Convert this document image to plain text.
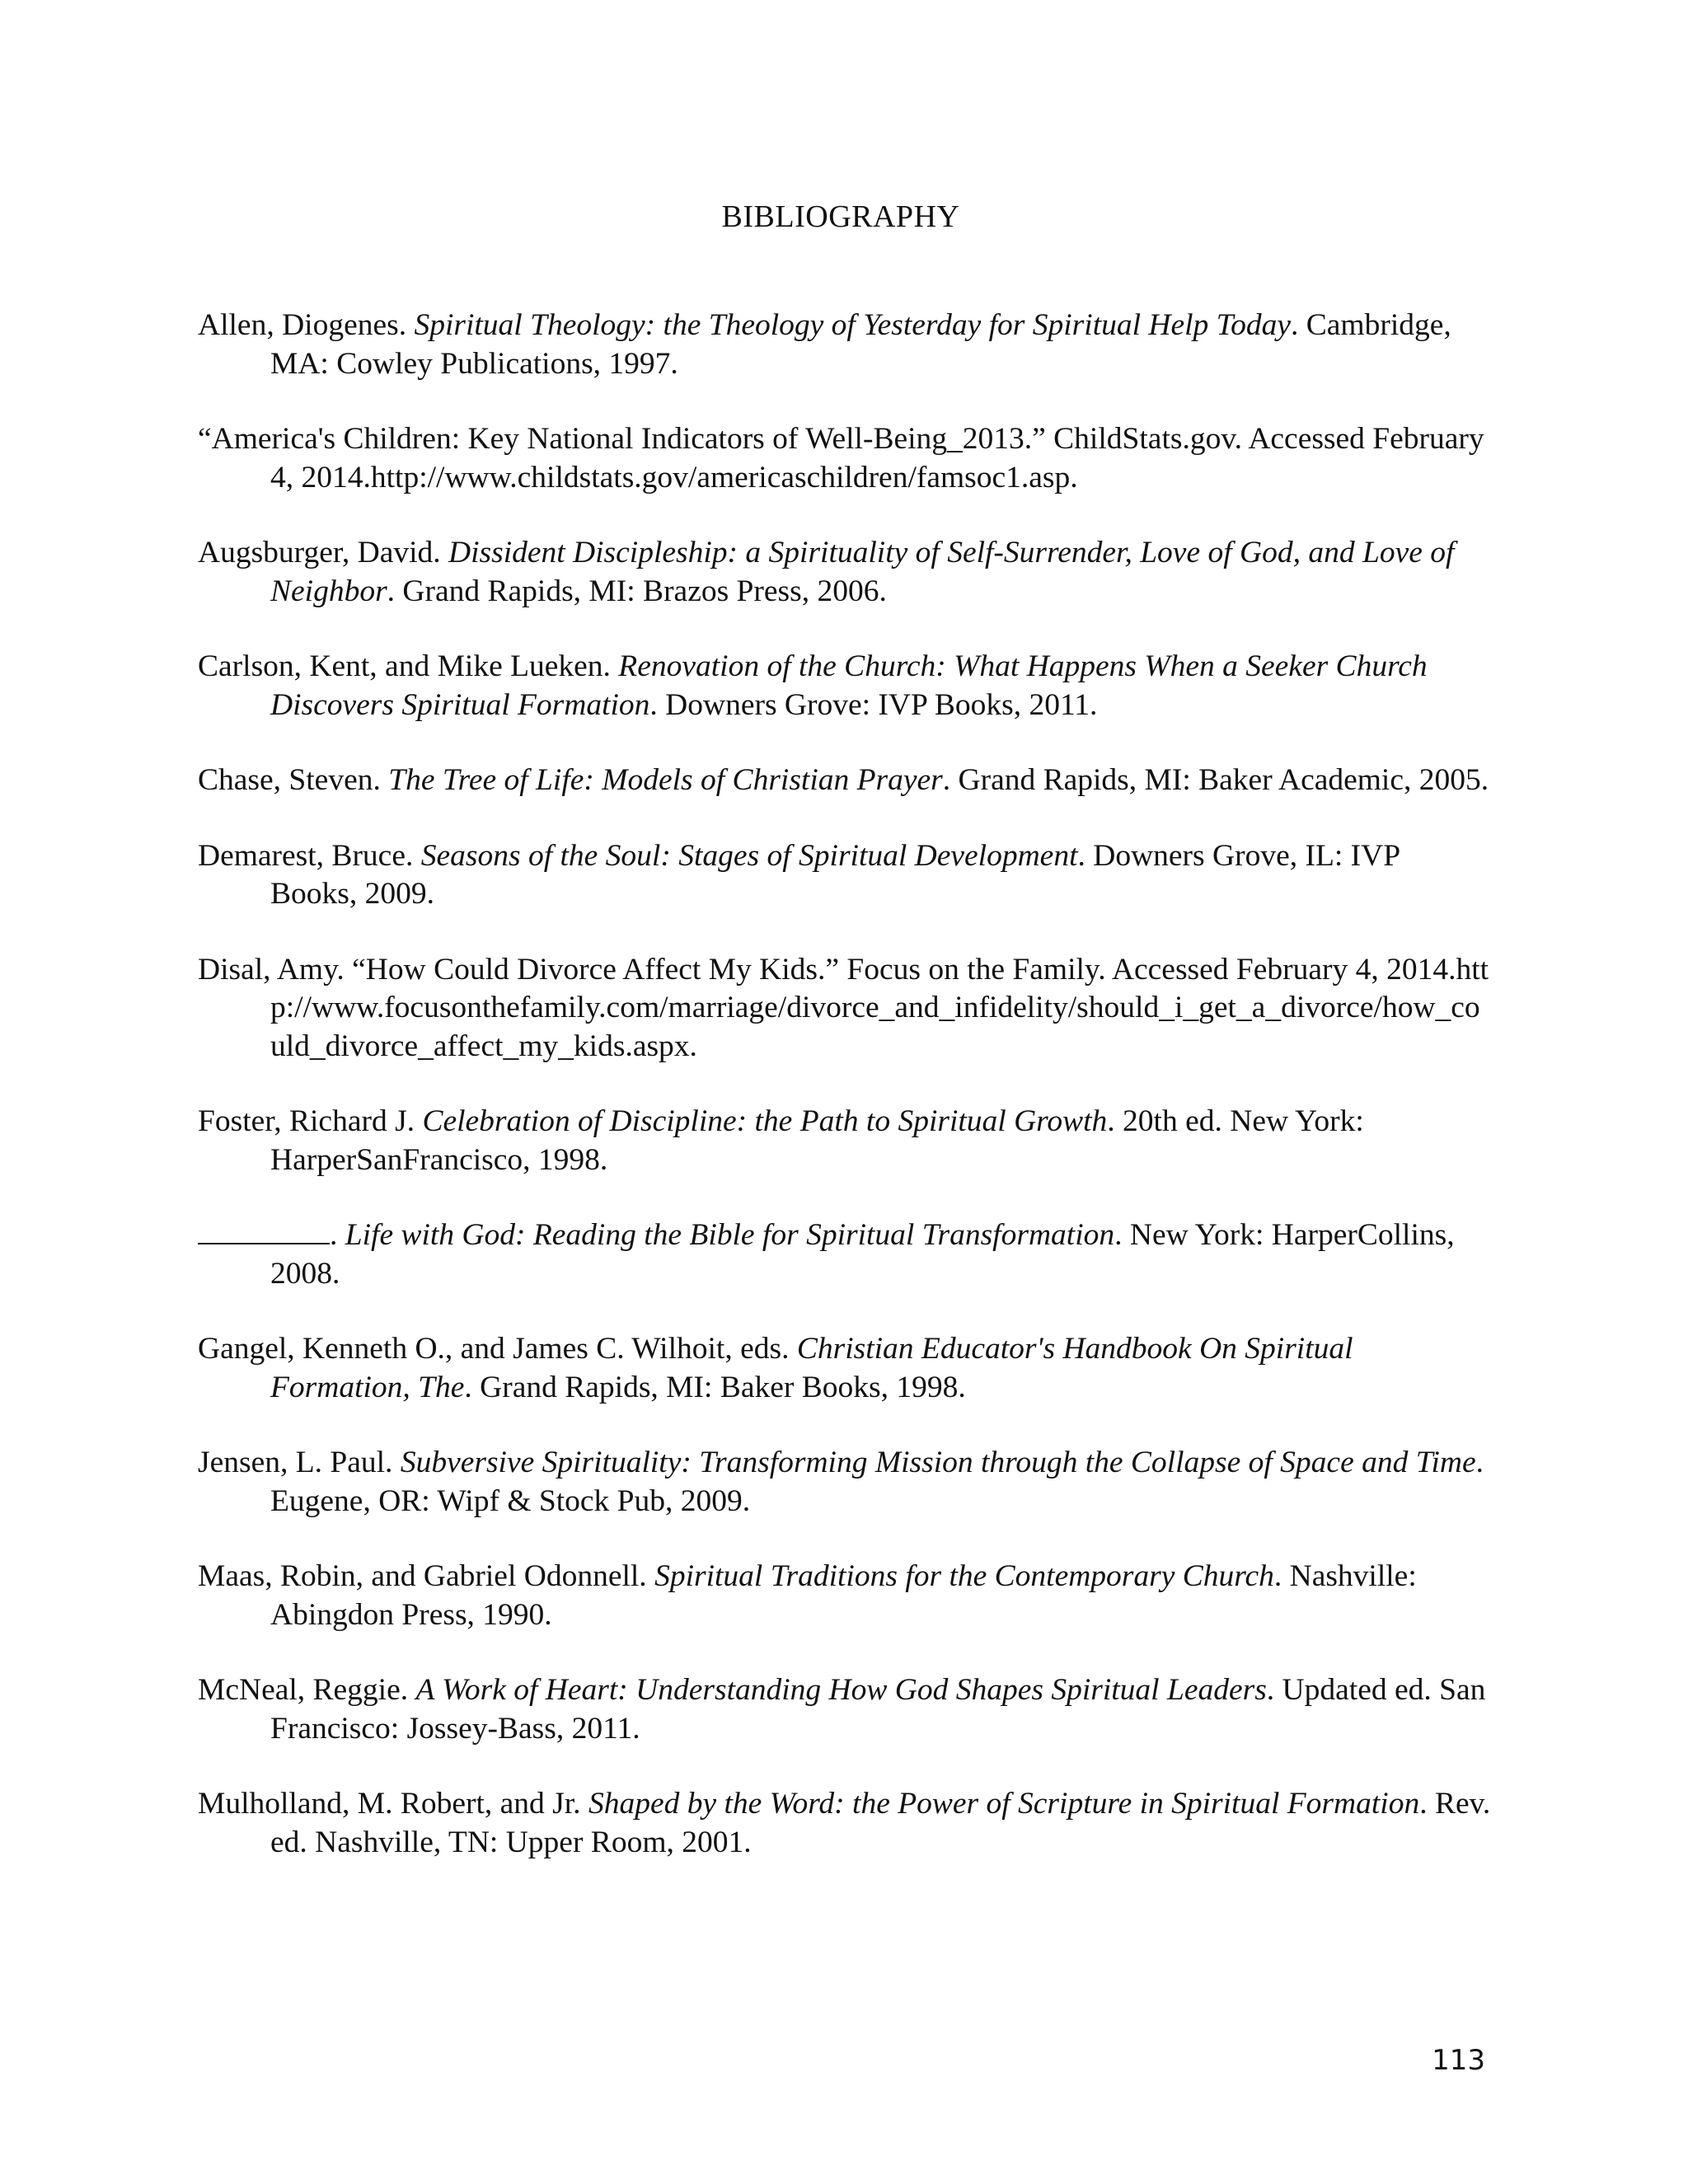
BIBLIOGRAPHY

Allen, Diogenes. Spiritual Theology: the Theology of Yesterday for Spiritual Help Today. Cambridge, MA: Cowley Publications, 1997.

“America's Children: Key National Indicators of Well-Being_2013.” ChildStats.gov. Accessed February 4, 2014.http://www.childstats.gov/americaschildren/famsoc1.asp.

Augsburger, David. Dissident Discipleship: a Spirituality of Self-Surrender, Love of God, and Love of Neighbor. Grand Rapids, MI: Brazos Press, 2006.

Carlson, Kent, and Mike Lueken. Renovation of the Church: What Happens When a Seeker Church Discovers Spiritual Formation. Downers Grove: IVP Books, 2011.

Chase, Steven. The Tree of Life: Models of Christian Prayer. Grand Rapids, MI: Baker Academic, 2005.

Demarest, Bruce. Seasons of the Soul: Stages of Spiritual Development. Downers Grove, IL: IVP Books, 2009.

Disal, Amy. “How Could Divorce Affect My Kids.” Focus on the Family. Accessed February 4, 2014.http://www.focusonthefamily.com/marriage/divorce_and_infidelity/should_i_get_a_divorce/how_could_divorce_affect_my_kids.aspx.

Foster, Richard J. Celebration of Discipline: the Path to Spiritual Growth. 20th ed. New York: HarperSanFrancisco, 1998.

. Life with God: Reading the Bible for Spiritual Transformation. New York: HarperCollins, 2008.

Gangel, Kenneth O., and James C. Wilhoit, eds. Christian Educator's Handbook On Spiritual Formation, The. Grand Rapids, MI: Baker Books, 1998.

Jensen, L. Paul. Subversive Spirituality: Transforming Mission through the Collapse of Space and Time. Eugene, OR: Wipf & Stock Pub, 2009.

Maas, Robin, and Gabriel Odonnell. Spiritual Traditions for the Contemporary Church. Nashville: Abingdon Press, 1990.

McNeal, Reggie. A Work of Heart: Understanding How God Shapes Spiritual Leaders. Updated ed. San Francisco: Jossey-Bass, 2011.

Mulholland, M. Robert, and Jr. Shaped by the Word: the Power of Scripture in Spiritual Formation. Rev. ed. Nashville, TN: Upper Room, 2001.

113
